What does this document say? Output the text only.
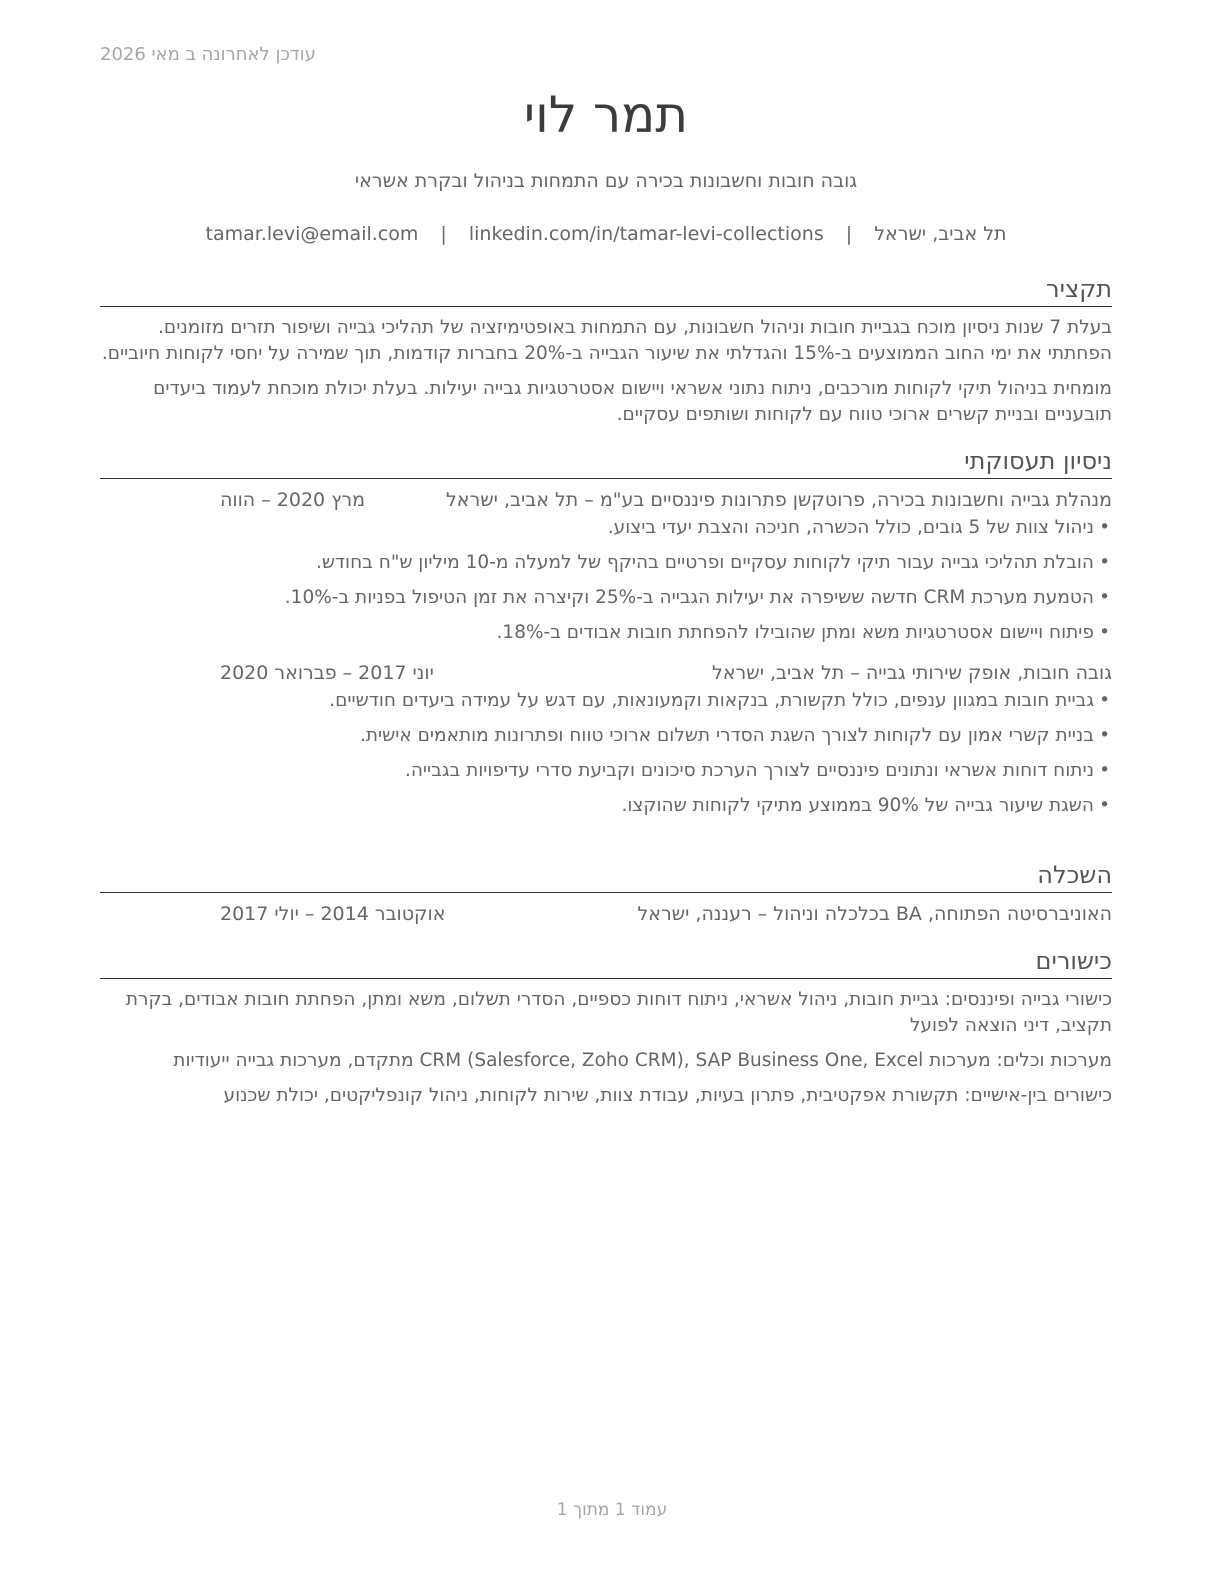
עודכן לאחרונה ב מאי 2026
תמר לוי
גובה חובות וחשבונות בכירה עם התמחות בניהול ובקרת אשראי
תל אביב, ישראל | tamar.levi@email.com | linkedin.com/in/tamar-levi-collections
תקציר

בעלת 7 שנות ניסיון מוכח בגביית חובות וניהול חשבונות, עם התמחות באופטימיזציה של תהליכי גבייה ושיפור תזרים מזומנים. הפחתתי את ימי החוב הממוצעים ב-15% והגדלתי את שיעור הגבייה ב-20% בחברות קודמות, תוך שמירה על יחסי לקוחות חיוביים.

מומחית בניהול תיקי לקוחות מורכבים, ניתוח נתוני אשראי ויישום אסטרטגיות גבייה יעילות. בעלת יכולת מוכחת לעמוד ביעדים תובעניים ובניית קשרים ארוכי טווח עם לקוחות ושותפים עסקיים.

ניסיון תעסוקתי
מנהלת גבייה וחשבונות בכירה, פרוטקשן פתרונות פיננסיים בע"מ – תל אביב, ישראל
מרץ 2020 – הווה
•
ניהול צוות של 5 גובים, כולל הכשרה, חניכה והצבת יעדי ביצוע.
•
הובלת תהליכי גבייה עבור תיקי לקוחות עסקיים ופרטיים בהיקף של למעלה מ-10 מיליון ש"ח בחודש.
•
הטמעת מערכת CRM חדשה ששיפרה את יעילות הגבייה ב-25% וקיצרה את זמן הטיפול בפניות ב-10%.
•
פיתוח ויישום אסטרטגיות משא ומתן שהובילו להפחתת חובות אבודים ב-18%.
גובה חובות, אופק שירותי גבייה – תל אביב, ישראל
יוני 2017 – פברואר 2020
•
גביית חובות במגוון ענפים, כולל תקשורת, בנקאות וקמעונאות, עם דגש על עמידה ביעדים חודשיים.
•
בניית קשרי אמון עם לקוחות לצורך השגת הסדרי תשלום ארוכי טווח ופתרונות מותאמים אישית.
•
ניתוח דוחות אשראי ונתונים פיננסיים לצורך הערכת סיכונים וקביעת סדרי עדיפויות בגבייה.
•
השגת שיעור גבייה של 90% בממוצע מתיקי לקוחות שהוקצו.
השכלה
האוניברסיטה הפתוחה, BA בכלכלה וניהול – רעננה, ישראל
אוקטובר 2014 – יולי 2017
כישורים

כישורי גבייה ופיננסים: גביית חובות, ניהול אשראי, ניתוח דוחות כספיים, הסדרי תשלום, משא ומתן, הפחתת חובות אבודים, בקרת תקציב, דיני הוצאה לפועל

מערכות וכלים: מערכות CRM (Salesforce, Zoho CRM), SAP Business One, Excel מתקדם, מערכות גבייה ייעודיות

כישורים בין-אישיים: תקשורת אפקטיבית, פתרון בעיות, עבודת צוות, שירות לקוחות, ניהול קונפליקטים, יכולת שכנוע

עמוד 1 מתוך 1
